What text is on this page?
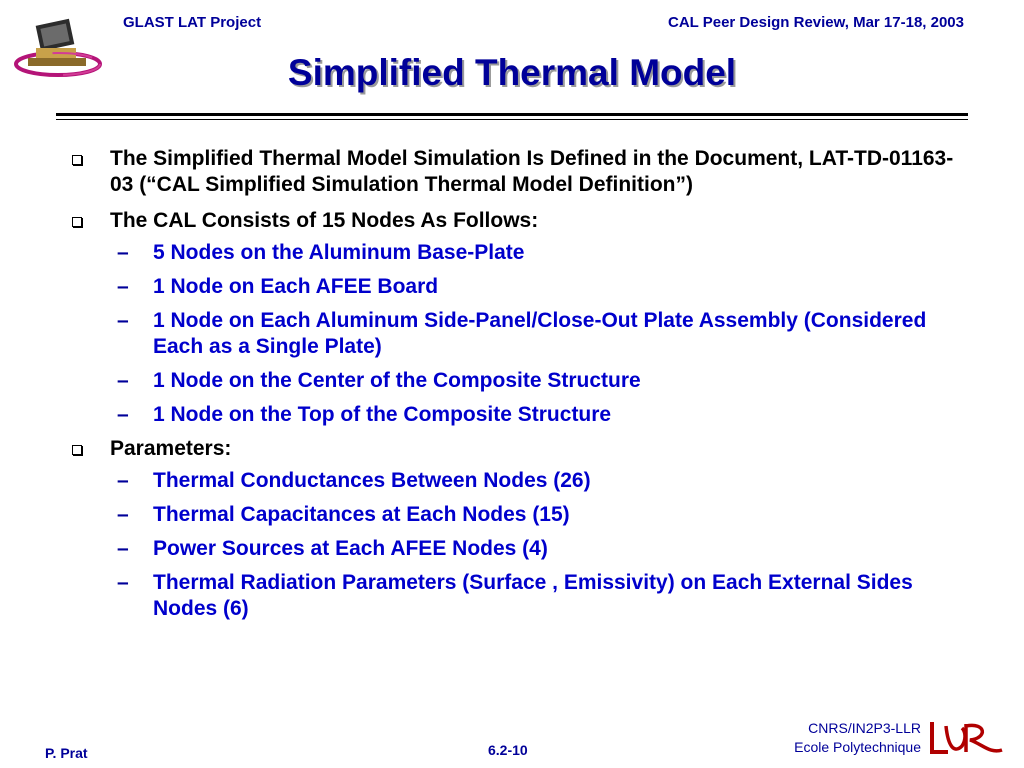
GLAST LAT Project	CAL Peer Design Review, Mar 17-18, 2003
Simplified Thermal Model
The Simplified Thermal Model Simulation Is Defined in the Document, LAT-TD-01163-03 (“CAL Simplified Simulation Thermal Model Definition”)
The CAL Consists of 15 Nodes As Follows:
–	5 Nodes on the Aluminum Base-Plate
–	1 Node on Each AFEE Board
–	1 Node on Each Aluminum Side-Panel/Close-Out Plate Assembly (Considered Each as a Single Plate)
–	1 Node on the Center of the Composite Structure
–	1 Node on the Top of the Composite Structure
Parameters:
–	Thermal Conductances Between Nodes (26)
–	Thermal Capacitances at Each Nodes (15)
–	Power Sources at Each AFEE Nodes (4)
–	Thermal Radiation Parameters (Surface , Emissivity) on Each External Sides Nodes (6)
P. Prat	6.2-10
CNRS/IN2P3-LLR
Ecole Polytechnique
